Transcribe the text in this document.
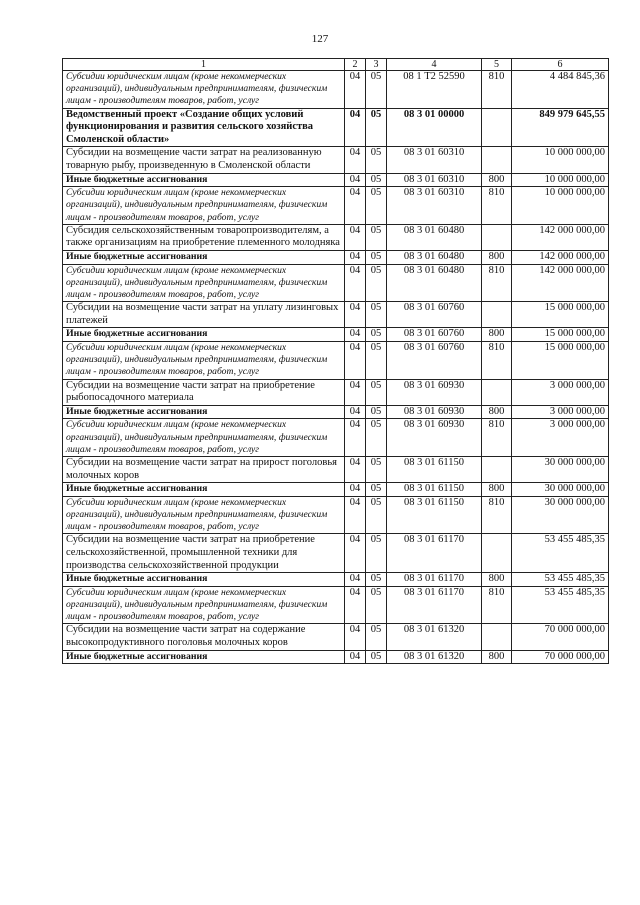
127
1	2	3	4	5	6
Субсидии юридическим лицам (кроме некоммерческих организаций), индивидуальным предпринимателям, физическим лицам - производителям товаров, работ, услуг	04	05	08 1 Т2 52590	810	4 484 845,36
Ведомственный проект «Создание общих условий функционирования и развития сельского хозяйства Смоленской области»	04	05	08 3 01 00000		849 979 645,55
Субсидии на возмещение части затрат на реализованную товарную рыбу, произведенную в Смоленской области	04	05	08 3 01 60310		10 000 000,00
Иные бюджетные ассигнования	04	05	08 3 01 60310	800	10 000 000,00
Субсидии юридическим лицам (кроме некоммерческих организаций), индивидуальным предпринимателям, физическим лицам - производителям товаров, работ, услуг	04	05	08 3 01 60310	810	10 000 000,00
Субсидия сельскохозяйственным товаропроизводителям, а также организациям на приобретение племенного молодняка	04	05	08 3 01 60480		142 000 000,00
Иные бюджетные ассигнования	04	05	08 3 01 60480	800	142 000 000,00
Субсидии юридическим лицам (кроме некоммерческих организаций), индивидуальным предпринимателям, физическим лицам - производителям товаров, работ, услуг	04	05	08 3 01 60480	810	142 000 000,00
Субсидии на возмещение части затрат на уплату лизинговых платежей	04	05	08 3 01 60760		15 000 000,00
Иные бюджетные ассигнования	04	05	08 3 01 60760	800	15 000 000,00
Субсидии юридическим лицам (кроме некоммерческих организаций), индивидуальным предпринимателям, физическим лицам - производителям товаров, работ, услуг	04	05	08 3 01 60760	810	15 000 000,00
Субсидии на возмещение части затрат на приобретение рыбопосадочного материала	04	05	08 3 01 60930		3 000 000,00
Иные бюджетные ассигнования	04	05	08 3 01 60930	800	3 000 000,00
Субсидии юридическим лицам (кроме некоммерческих организаций), индивидуальным предпринимателям, физическим лицам - производителям товаров, работ, услуг	04	05	08 3 01 60930	810	3 000 000,00
Субсидии на возмещение части затрат на прирост поголовья молочных коров	04	05	08 3 01 61150		30 000 000,00
Иные бюджетные ассигнования	04	05	08 3 01 61150	800	30 000 000,00
Субсидии юридическим лицам (кроме некоммерческих организаций), индивидуальным предпринимателям, физическим лицам - производителям товаров, работ, услуг	04	05	08 3 01 61150	810	30 000 000,00
Субсидии на возмещение части затрат на приобретение сельскохозяйственной, промышленной техники для производства сельскохозяйственной продукции	04	05	08 3 01 61170		53 455 485,35
Иные бюджетные ассигнования	04	05	08 3 01 61170	800	53 455 485,35
Субсидии юридическим лицам (кроме некоммерческих организаций), индивидуальным предпринимателям, физическим лицам - производителям товаров, работ, услуг	04	05	08 3 01 61170	810	53 455 485,35
Субсидии на возмещение части затрат на содержание высокопродуктивного поголовья молочных коров	04	05	08 3 01 61320		70 000 000,00
Иные бюджетные ассигнования	04	05	08 3 01 61320	800	70 000 000,00
